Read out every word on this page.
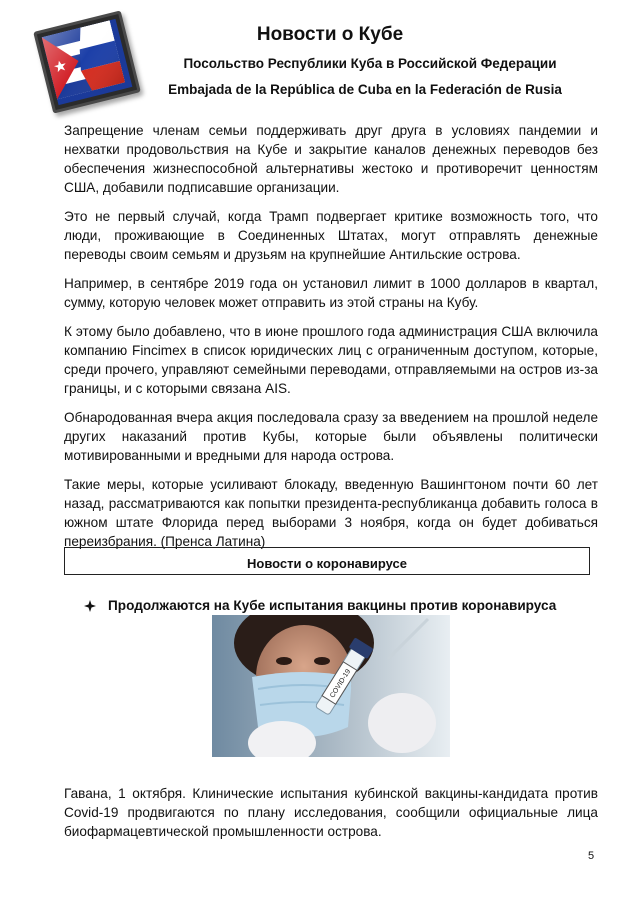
Новости о Кубе

Посольство Республики Куба в Российской Федерации

Embajada de la República de Cuba en la Federación de Rusia

Запрещение членам семьи поддерживать друг друга в условиях пандемии и нехватки продовольствия на Кубе и закрытие каналов денежных переводов без обеспечения жизнеспособной альтернативы жестоко и противоречит ценностям США, добавили подписавшие организации.

Это не первый случай, когда Трамп подвергает критике возможность того, что люди, проживающие в Соединенных Штатах, могут отправлять денежные переводы своим семьям и друзьям на крупнейшие Антильские острова.

Например, в сентябре 2019 года он установил лимит в 1000 долларов в квартал, сумму, которую человек может отправить из этой страны на Кубу.

К этому было добавлено, что в июне прошлого года администрация США включила компанию Fincimex в список юридических лиц с ограниченным доступом, которые, среди прочего, управляют семейными переводами, отправляемыми на остров из-за границы, и с которыми связана AIS.

Обнародованная вчера акция последовала сразу за введением на прошлой неделе других наказаний против Кубы, которые были объявлены политически мотивированными и вредными для народа острова.

Такие меры, которые усиливают блокаду, введенную Вашингтоном почти 60 лет назад, рассматриваются как попытки президента-республиканца добавить голоса в южном штате Флорида перед выборами 3 ноября, когда он будет добиваться переизбрания. (Пренса Латина)

Новости о коронавирусе
Продолжаются на Кубе испытания вакцины против коронавируса
COVID-19

Гавана, 1 октября. Клинические испытания кубинской вакцины-кандидата против Covid-19 продвигаются по плану исследования, сообщили официальные лица биофармацевтической промышленности острова.

5
